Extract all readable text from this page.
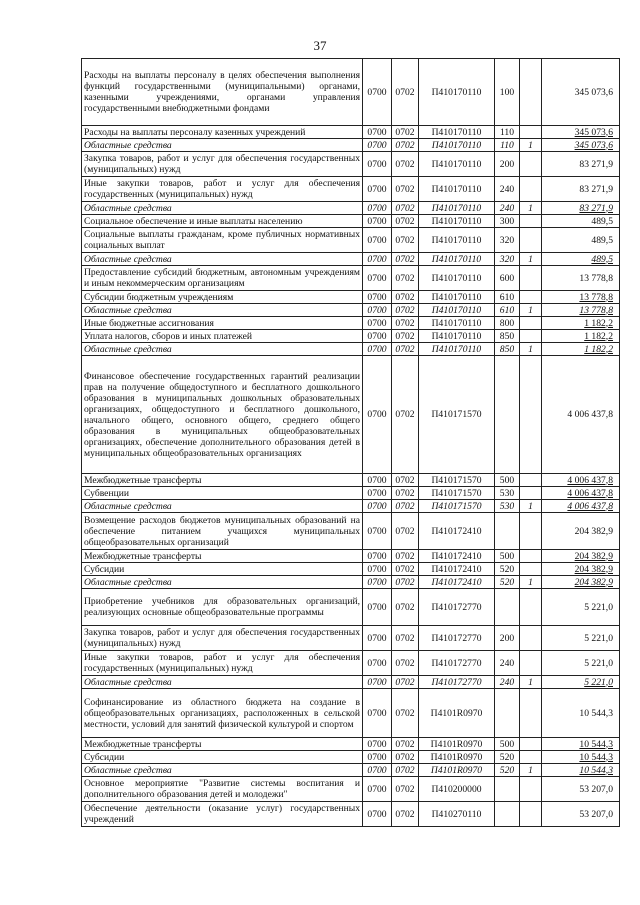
37
Расходы на выплаты персоналу в целях обеспечения выполнения функций государственными (муниципальными) органами, казенными учреждениями, органами управления государственными внебюджетными фондами	0700	0702	П410170110	100		345 073,6
Расходы на выплаты персоналу казенных учреждений	0700	0702	П410170110	110		345 073,6
Областные средства	0700	0702	П410170110	110	1	345 073,6
Закупка товаров, работ и услуг для обеспечения государственных (муниципальных) нужд	0700	0702	П410170110	200		83 271,9
Иные закупки товаров, работ и услуг для обеспечения государственных (муниципальных) нужд	0700	0702	П410170110	240		83 271,9
Областные средства	0700	0702	П410170110	240	1	83 271,9
Социальное обеспечение и иные выплаты населению	0700	0702	П410170110	300		489,5
Социальные выплаты гражданам, кроме публичных нормативных социальных выплат	0700	0702	П410170110	320		489,5
Областные средства	0700	0702	П410170110	320	1	489,5
Предоставление субсидий бюджетным, автономным учреждениям и иным некоммерческим организациям	0700	0702	П410170110	600		13 778,8
Субсидии бюджетным учреждениям	0700	0702	П410170110	610		13 778,8
Областные средства	0700	0702	П410170110	610	1	13 778,8
Иные бюджетные ассигнования	0700	0702	П410170110	800		1 182,2
Уплата налогов, сборов и иных платежей	0700	0702	П410170110	850		1 182,2
Областные средства	0700	0702	П410170110	850	1	1 182,2
Финансовое обеспечение государственных гарантий реализации прав на получение общедоступного и бесплатного дошкольного образования в муниципальных дошкольных образовательных организациях, общедоступного и бесплатного дошкольного, начального общего, основного общего, среднего общего образования в муниципальных общеобразовательных организациях, обеспечение дополнительного образования детей в муниципальных общеобразовательных организациях	0700	0702	П410171570			4 006 437,8
Межбюджетные трансферты	0700	0702	П410171570	500		4 006 437,8
Субвенции	0700	0702	П410171570	530		4 006 437,8
Областные средства	0700	0702	П410171570	530	1	4 006 437,8
Возмещение расходов бюджетов муниципальных образований на обеспечение питанием учащихся муниципальных общеобразовательных организаций	0700	0702	П410172410			204 382,9
Межбюджетные трансферты	0700	0702	П410172410	500		204 382,9
Субсидии	0700	0702	П410172410	520		204 382,9
Областные средства	0700	0702	П410172410	520	1	204 382,9
Приобретение учебников для образовательных организаций, реализующих основные общеобразовательные программы	0700	0702	П410172770			5 221,0
Закупка товаров, работ и услуг для обеспечения государственных (муниципальных) нужд	0700	0702	П410172770	200		5 221,0
Иные закупки товаров, работ и услуг для обеспечения государственных (муниципальных) нужд	0700	0702	П410172770	240		5 221,0
Областные средства	0700	0702	П410172770	240	1	5 221,0
Софинансирование из областного бюджета на создание в общеобразовательных организациях, расположенных в сельской местности, условий для занятий физической культурой и спортом	0700	0702	П4101R0970			10 544,3
Межбюджетные трансферты	0700	0702	П4101R0970	500		10 544,3
Субсидии	0700	0702	П4101R0970	520		10 544,3
Областные средства	0700	0702	П4101R0970	520	1	10 544,3
Основное мероприятие "Развитие системы воспитания и дополнительного образования детей и молодежи"	0700	0702	П410200000			53 207,0
Обеспечение деятельности (оказание услуг) государственных учреждений	0700	0702	П410270110			53 207,0
